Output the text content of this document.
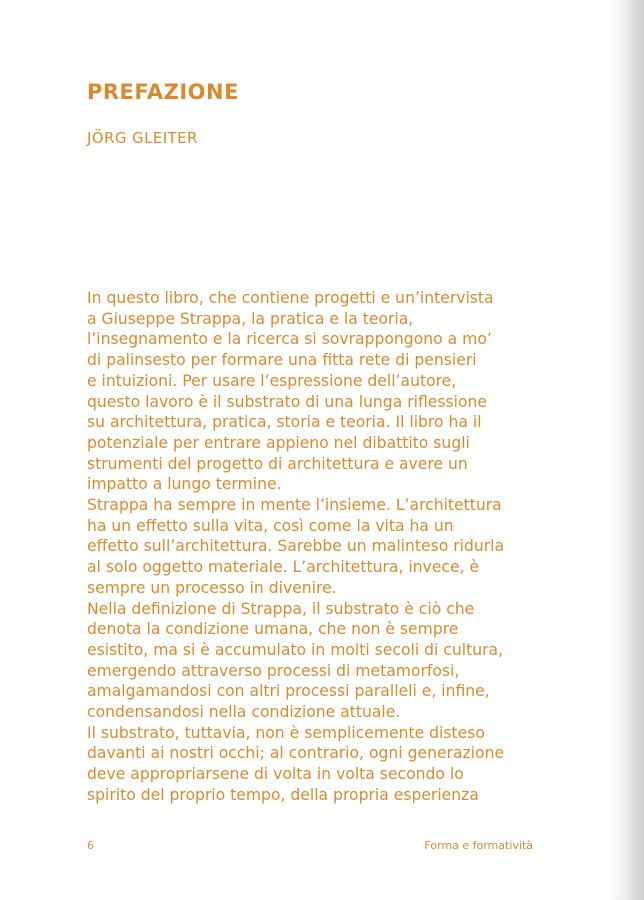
PREFAZIONE
JÖRG GLEITER
In questo libro, che contiene progetti e un’intervista
a Giuseppe Strappa, la pratica e la teoria,
l’insegnamento e la ricerca si sovrappongono a mo’
di palinsesto per formare una fitta rete di pensieri
e intuizioni. Per usare l’espressione dell’autore,
questo lavoro è il substrato di una lunga riflessione
su architettura, pratica, storia e teoria. Il libro ha il
potenziale per entrare appieno nel dibattito sugli
strumenti del progetto di architettura e avere un
impatto a lungo termine.
Strappa ha sempre in mente l’insieme. L’architettura
ha un effetto sulla vita, così come la vita ha un
effetto sull’architettura. Sarebbe un malinteso ridurla
al solo oggetto materiale. L’architettura, invece, è
sempre un processo in divenire.
Nella definizione di Strappa, il substrato è ciò che
denota la condizione umana, che non è sempre
esistito, ma si è accumulato in molti secoli di cultura,
emergendo attraverso processi di metamorfosi,
amalgamandosi con altri processi paralleli e, infine,
condensandosi nella condizione attuale.
Il substrato, tuttavia, non è semplicemente disteso
davanti ai nostri occhi; al contrario, ogni generazione
deve appropriarsene di volta in volta secondo lo
spirito del proprio tempo, della propria esperienza
6	Forma e formatività
